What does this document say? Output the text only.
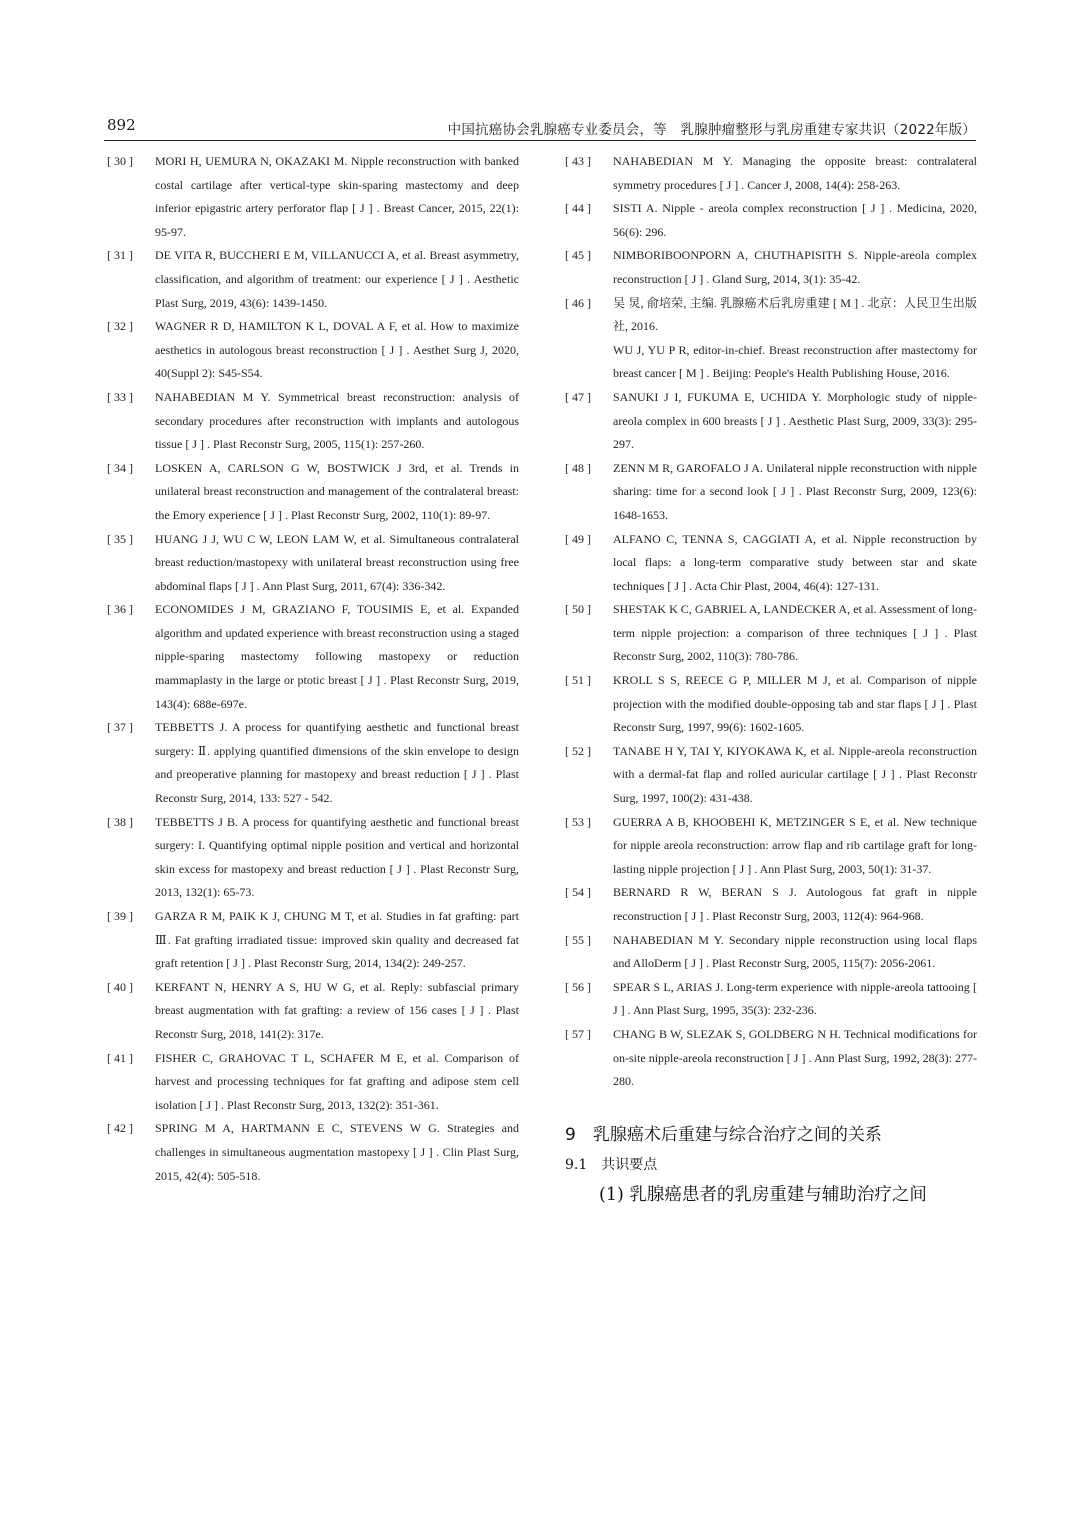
892	中国抗癌协会乳腺癌专业委员会，等　乳腺肿瘤整形与乳房重建专家共识（2022年版）
[ 30 ]	MORI H, UEMURA N, OKAZAKI M. Nipple reconstruction with banked costal cartilage after vertical-type skin-sparing mastectomy and deep inferior epigastric artery perforator flap [ J ] . Breast Cancer, 2015, 22(1): 95-97.
[ 31 ]	DE VITA R, BUCCHERI E M, VILLANUCCI A, et al. Breast asymmetry, classification, and algorithm of treatment: our experience [ J ] . Aesthetic Plast Surg, 2019, 43(6): 1439-1450.
[ 32 ]	WAGNER R D, HAMILTON K L, DOVAL A F, et al. How to maximize aesthetics in autologous breast reconstruction [ J ] . Aesthet Surg J, 2020, 40(Suppl 2): S45-S54.
[ 33 ]	NAHABEDIAN M Y. Symmetrical breast reconstruction: analysis of secondary procedures after reconstruction with implants and autologous tissue [ J ] . Plast Reconstr Surg, 2005, 115(1): 257-260.
[ 34 ]	LOSKEN A, CARLSON G W, BOSTWICK J 3rd, et al. Trends in unilateral breast reconstruction and management of the contralateral breast: the Emory experience [ J ] . Plast Reconstr Surg, 2002, 110(1): 89-97.
[ 35 ]	HUANG J J, WU C W, LEON LAM W, et al. Simultaneous contralateral breast reduction/mastopexy with unilateral breast reconstruction using free abdominal flaps [ J ] . Ann Plast Surg, 2011, 67(4): 336-342.
[ 36 ]	ECONOMIDES J M, GRAZIANO F, TOUSIMIS E, et al. Expanded algorithm and updated experience with breast reconstruction using a staged nipple-sparing mastectomy following mastopexy or reduction mammaplasty in the large or ptotic breast [ J ] . Plast Reconstr Surg, 2019, 143(4): 688e-697e.
[ 37 ]	TEBBETTS J. A process for quantifying aesthetic and functional breast surgery: Ⅱ. applying quantified dimensions of the skin envelope to design and preoperative planning for mastopexy and breast reduction [ J ] . Plast Reconstr Surg, 2014, 133: 527 - 542.
[ 38 ]	TEBBETTS J B. A process for quantifying aesthetic and functional breast surgery: I. Quantifying optimal nipple position and vertical and horizontal skin excess for mastopexy and breast reduction [ J ] . Plast Reconstr Surg, 2013, 132(1): 65-73.
[ 39 ]	GARZA R M, PAIK K J, CHUNG M T, et al. Studies in fat grafting: part Ⅲ. Fat grafting irradiated tissue: improved skin quality and decreased fat graft retention [ J ] . Plast Reconstr Surg, 2014, 134(2): 249-257.
[ 40 ]	KERFANT N, HENRY A S, HU W G, et al. Reply: subfascial primary breast augmentation with fat grafting: a review of 156 cases [ J ] . Plast Reconstr Surg, 2018, 141(2): 317e.
[ 41 ]	FISHER C, GRAHOVAC T L, SCHAFER M E, et al. Comparison of harvest and processing techniques for fat grafting and adipose stem cell isolation [ J ] . Plast Reconstr Surg, 2013, 132(2): 351-361.
[ 42 ]	SPRING M A, HARTMANN E C, STEVENS W G. Strategies and challenges in simultaneous augmentation mastopexy [ J ] . Clin Plast Surg, 2015, 42(4): 505-518.
[ 43 ]	NAHABEDIAN M Y. Managing the opposite breast: contralateral symmetry procedures [ J ] . Cancer J, 2008, 14(4): 258-263.
[ 44 ]	SISTI A. Nipple - areola complex reconstruction [ J ] . Medicina, 2020, 56(6): 296.
[ 45 ]	NIMBORIBOONPORN A, CHUTHAPISITH S. Nipple-areola complex reconstruction [ J ] . Gland Surg, 2014, 3(1): 35-42.
[ 46 ]	吴 炅, 俞培荣, 主编. 乳腺癌术后乳房重建 [ M ] . 北京：人民卫生出版社, 2016.
WU J, YU P R, editor-in-chief. Breast reconstruction after mastectomy for breast cancer [ M ] . Beijing: People's Health Publishing House, 2016.
[ 47 ]	SANUKI J I, FUKUMA E, UCHIDA Y. Morphologic study of nipple-areola complex in 600 breasts [ J ] . Aesthetic Plast Surg, 2009, 33(3): 295-297.
[ 48 ]	ZENN M R, GAROFALO J A. Unilateral nipple reconstruction with nipple sharing: time for a second look [ J ] . Plast Reconstr Surg, 2009, 123(6): 1648-1653.
[ 49 ]	ALFANO C, TENNA S, CAGGIATI A, et al. Nipple reconstruction by local flaps: a long-term comparative study between star and skate techniques [ J ] . Acta Chir Plast, 2004, 46(4): 127-131.
[ 50 ]	SHESTAK K C, GABRIEL A, LANDECKER A, et al. Assessment of long-term nipple projection: a comparison of three techniques [ J ] . Plast Reconstr Surg, 2002, 110(3): 780-786.
[ 51 ]	KROLL S S, REECE G P, MILLER M J, et al. Comparison of nipple projection with the modified double-opposing tab and star flaps [ J ] . Plast Reconstr Surg, 1997, 99(6): 1602-1605.
[ 52 ]	TANABE H Y, TAI Y, KIYOKAWA K, et al. Nipple-areola reconstruction with a dermal-fat flap and rolled auricular cartilage [ J ] . Plast Reconstr Surg, 1997, 100(2): 431-438.
[ 53 ]	GUERRA A B, KHOOBEHI K, METZINGER S E, et al. New technique for nipple areola reconstruction: arrow flap and rib cartilage graft for long-lasting nipple projection [ J ] . Ann Plast Surg, 2003, 50(1): 31-37.
[ 54 ]	BERNARD R W, BERAN S J. Autologous fat graft in nipple reconstruction [ J ] . Plast Reconstr Surg, 2003, 112(4): 964-968.
[ 55 ]	NAHABEDIAN M Y. Secondary nipple reconstruction using local flaps and AlloDerm [ J ] . Plast Reconstr Surg, 2005, 115(7): 2056-2061.
[ 56 ]	SPEAR S L, ARIAS J. Long-term experience with nipple-areola tattooing [ J ] . Ann Plast Surg, 1995, 35(3): 232-236.
[ 57 ]	CHANG B W, SLEZAK S, GOLDBERG N H. Technical modifications for on-site nipple-areola reconstruction [ J ] . Ann Plast Surg, 1992, 28(3): 277-280.
9　乳腺癌术后重建与综合治疗之间的关系
9.1　共识要点
(1) 乳腺癌患者的乳房重建与辅助治疗之间
